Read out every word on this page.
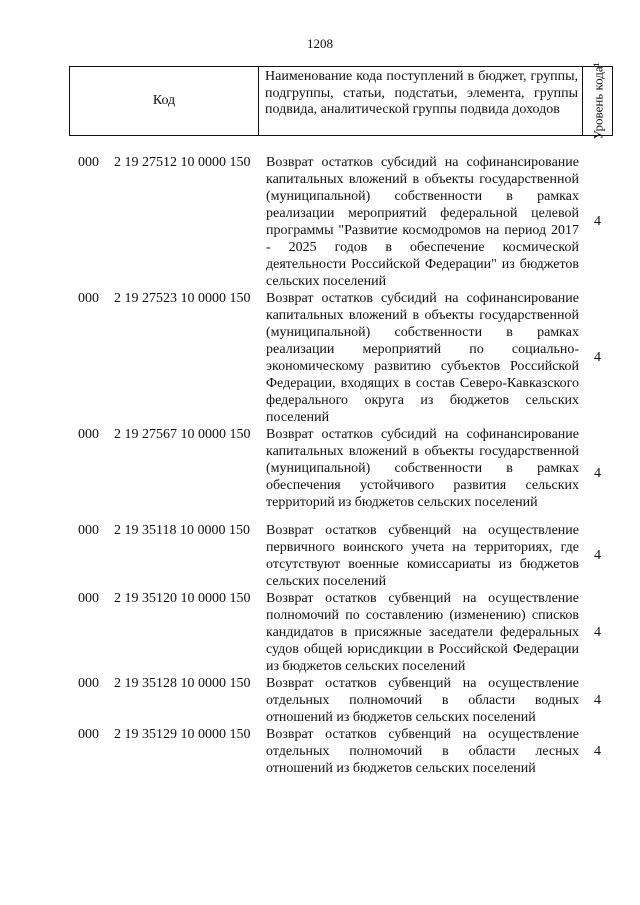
1208
Код
Наименование кода поступлений в бюджет, группы, подгруппы, статьи, подстатьи, элемента, группы подвида, аналитической группы подвида доходов	Уровень кода¹
000 2 19 27512 10 0000 150 Возврат остатков субсидий на софинансирование капитальных вложений в объекты государственной (муниципальной) собственности в рамках реализации мероприятий федеральной целевой программы "Развитие космодромов на период 2017 - 2025 годов в обеспечение космической деятельности Российской Федерации" из бюджетов сельских поселений
4
000 2 19 27523 10 0000 150 Возврат остатков субсидий на софинансирование капитальных вложений в объекты государственной (муниципальной) собственности в рамках реализации мероприятий по социально-экономическому развитию субъектов Российской Федерации, входящих в состав Северо-Кавказского федерального округа из бюджетов сельских поселений
4
000 2 19 27567 10 0000 150 Возврат остатков субсидий на софинансирование капитальных вложений в объекты государственной (муниципальной) собственности в рамках обеспечения устойчивого развития сельских территорий из бюджетов сельских поселений
4
000 2 19 35118 10 0000 150 Возврат остатков субвенций на осуществление первичного воинского учета на территориях, где отсутствуют военные комиссариаты из бюджетов сельских поселений
4
000 2 19 35120 10 0000 150 Возврат остатков субвенций на осуществление полномочий по составлению (изменению) списков кандидатов в присяжные заседатели федеральных судов общей юрисдикции в Российской Федерации из бюджетов сельских поселений
4
000 2 19 35128 10 0000 150 Возврат остатков субвенций на осуществление отдельных полномочий в области водных отношений из бюджетов сельских поселений
4
000 2 19 35129 10 0000 150 Возврат остатков субвенций на осуществление отдельных полномочий в области лесных отношений из бюджетов сельских поселений
4
